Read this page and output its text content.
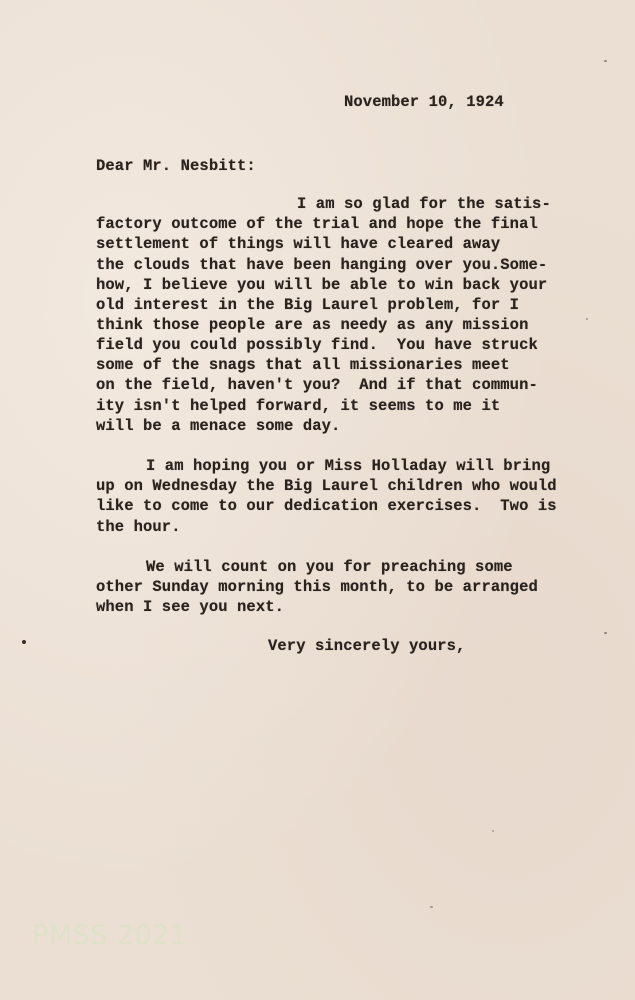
November 10, 1924

Dear Mr. Nesbitt:

I am so glad for the satis-

factory outcome of the trial and hope the final

settlement of things will have cleared away

the clouds that have been hanging over you.Some-

how, I believe you will be able to win back your

old interest in the Big Laurel problem, for I

think those people are as needy as any mission

field you could possibly find.  You have struck

some of the snags that all missionaries meet

on the field, haven't you?  And if that commun-

ity isn't helped forward, it seems to me it

will be a menace some day.

I am hoping you or Miss Holladay will bring

up on Wednesday the Big Laurel children who would

like to come to our dedication exercises.  Two is

the hour.

We will count on you for preaching some

other Sunday morning this month, to be arranged

when I see you next.

Very sincerely yours,

PMSS 2021
